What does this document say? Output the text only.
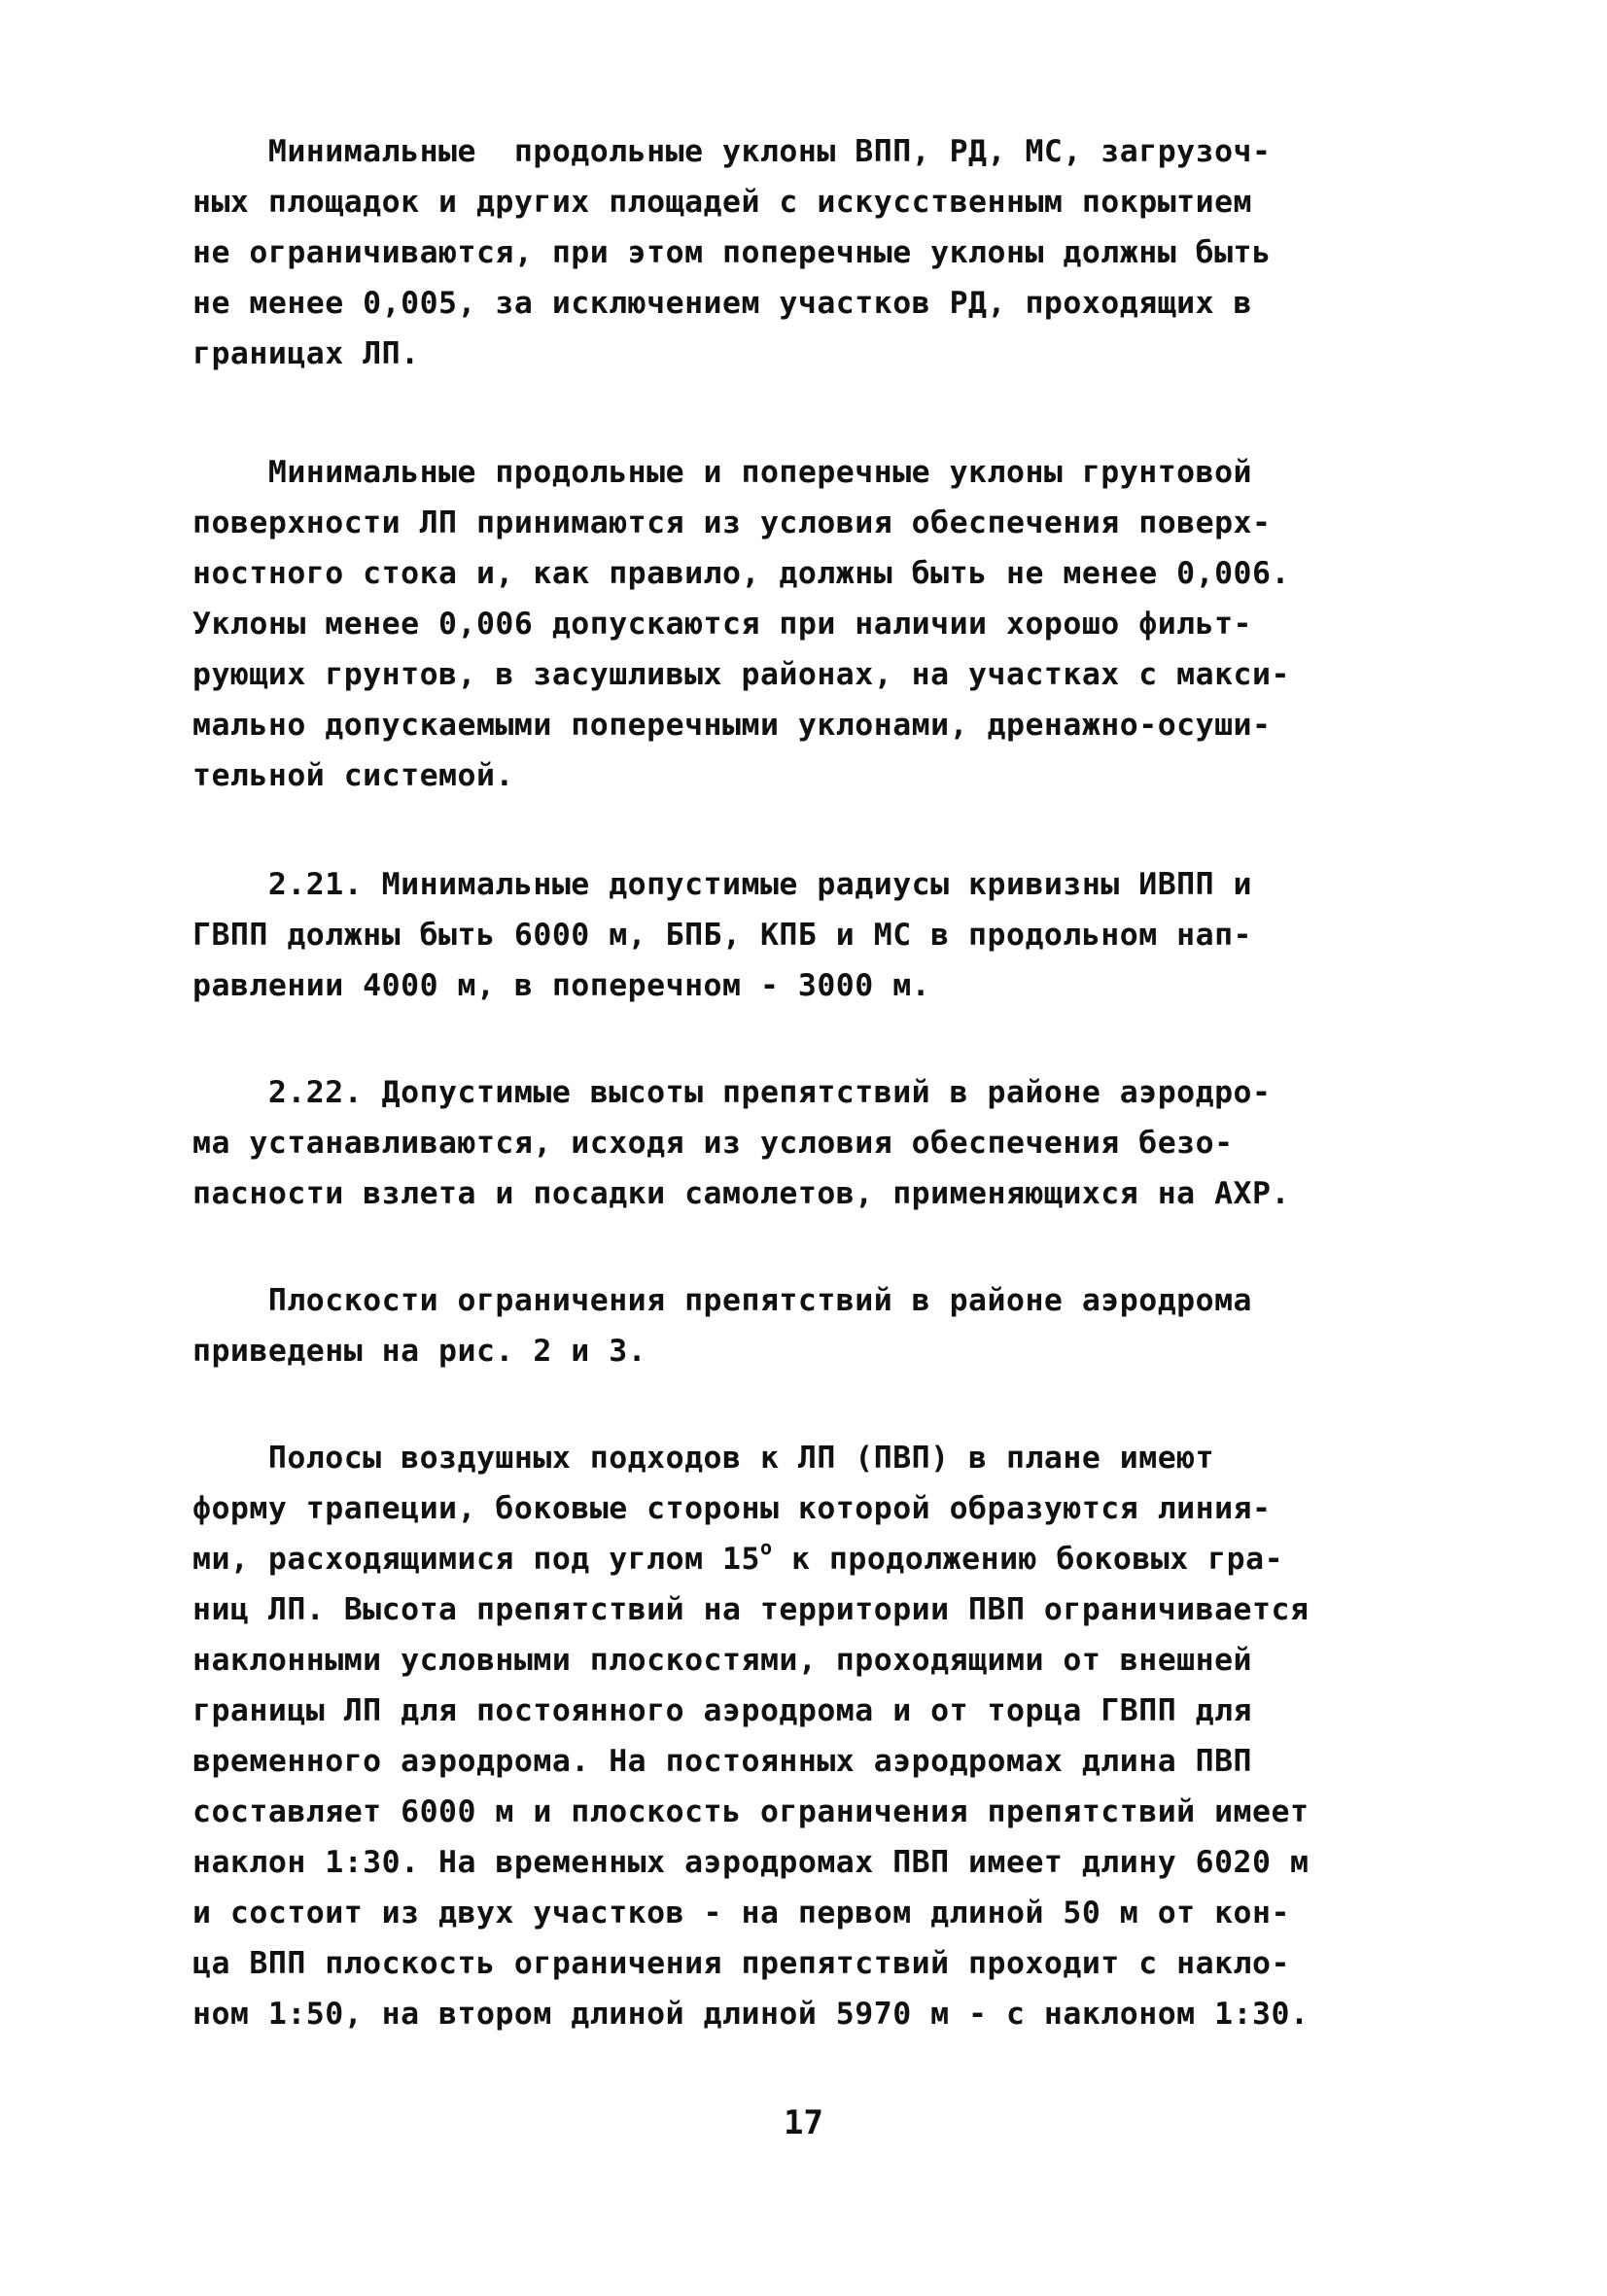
Минимальные  продольные уклоны ВПП, РД, МС, загрузоч-
ных площадок и других площадей с искусственным покрытием
не ограничиваются, при этом поперечные уклоны должны быть
не менее 0,005, за исключением участков РД, проходящих в
границах ЛП.
Минимальные продольные и поперечные уклоны грунтовой
поверхности ЛП принимаются из условия обеспечения поверх-
ностного стока и, как правило, должны быть не менее 0,006.
Уклоны менее 0,006 допускаются при наличии хорошо фильт-
рующих грунтов, в засушливых районах, на участках с макси-
мально допускаемыми поперечными уклонами, дренажно-осуши-
тельной системой.
2.21. Минимальные допустимые радиусы кривизны ИВПП и
ГВПП должны быть 6000 м, БПБ, КПБ и МС в продольном нап-
равлении 4000 м, в поперечном - 3000 м.
2.22. Допустимые высоты препятствий в районе аэродро-
ма устанавливаются, исходя из условия обеспечения безо-
пасности взлета и посадки самолетов, применяющихся на АХР.
Плоскости ограничения препятствий в районе аэродрома
приведены на рис. 2 и 3.
Полосы воздушных подходов к ЛП (ПВП) в плане имеют
форму трапеции, боковые стороны которой образуются линия-
ми, расходящимися под углом 15$^o$ к продолжению боковых гра-
ниц ЛП. Высота препятствий на территории ПВП ограничивается
наклонными условными плоскостями, проходящими от внешней
границы ЛП для постоянного аэродрома и от торца ГВПП для
временного аэродрома. На постоянных аэродромах длина ПВП
составляет 6000 м и плоскость ограничения препятствий имеет
наклон 1:30. На временных аэродромах ПВП имеет длину 6020 м
и состоит из двух участков - на первом длиной 50 м от кон-
ца ВПП плоскость ограничения препятствий проходит с накло-
ном 1:50, на втором длиной длиной 5970 м - с наклоном 1:30.
17
